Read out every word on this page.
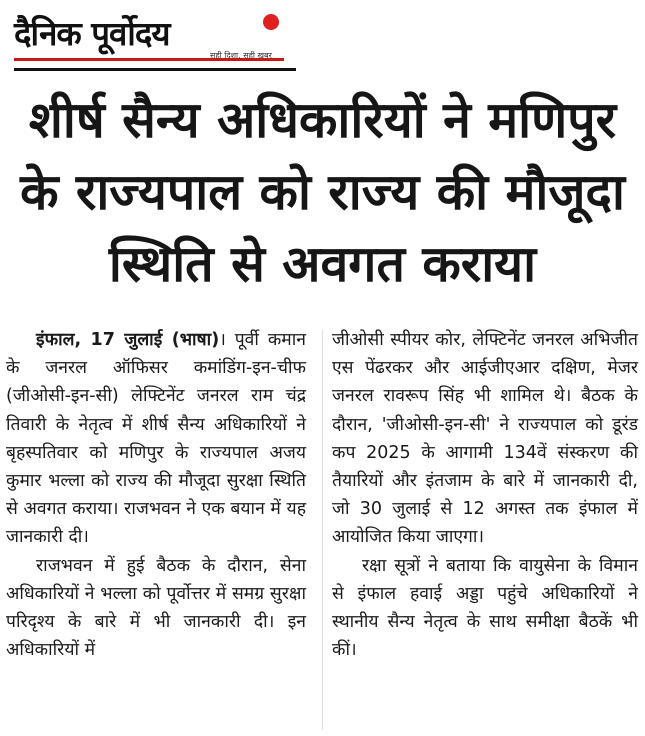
दैनिक पूर्वोदय
सही दिशा, सही खबर
शीर्ष सैन्य अधिकारियों ने मणिपुर
के राज्यपाल को राज्य की मौजूदा
स्थिति से अवगत कराया

इंफाल, 17 जुलाई (भाषा)। पूर्वी कमान के जनरल ऑफिसर कमांडिंग-इन-चीफ (जीओसी-इन-सी) लेफ्टिनेंट जनरल राम चंद्र तिवारी के नेतृत्व में शीर्ष सैन्य अधिकारियों ने बृहस्पतिवार को मणिपुर के राज्यपाल अजय कुमार भल्ला को राज्य की मौजूदा सुरक्षा स्थिति से अवगत कराया। राजभवन ने एक बयान में यह जानकारी दी।

राजभवन में हुई बैठक के दौरान, सेना अधिकारियों ने भल्ला को पूर्वोत्तर में समग्र सुरक्षा परिदृश्य के बारे में भी जानकारी दी। इन अधिकारियों में

जीओसी स्पीयर कोर, लेफ्टिनेंट जनरल अभिजीत एस पेंढरकर और आईजीएआर दक्षिण, मेजर जनरल रावरूप सिंह भी शामिल थे। बैठक के दौरान, 'जीओसी-इन-सी' ने राज्यपाल को डूरंड कप 2025 के आगामी 134वें संस्करण की तैयारियों और इंतजाम के बारे में जानकारी दी, जो 30 जुलाई से 12 अगस्त तक इंफाल में आयोजित किया जाएगा।

रक्षा सूत्रों ने बताया कि वायुसेना के विमान से इंफाल हवाई अड्डा पहुंचे अधिकारियों ने स्थानीय सैन्य नेतृत्व के साथ समीक्षा बैठकें भी कीं।
